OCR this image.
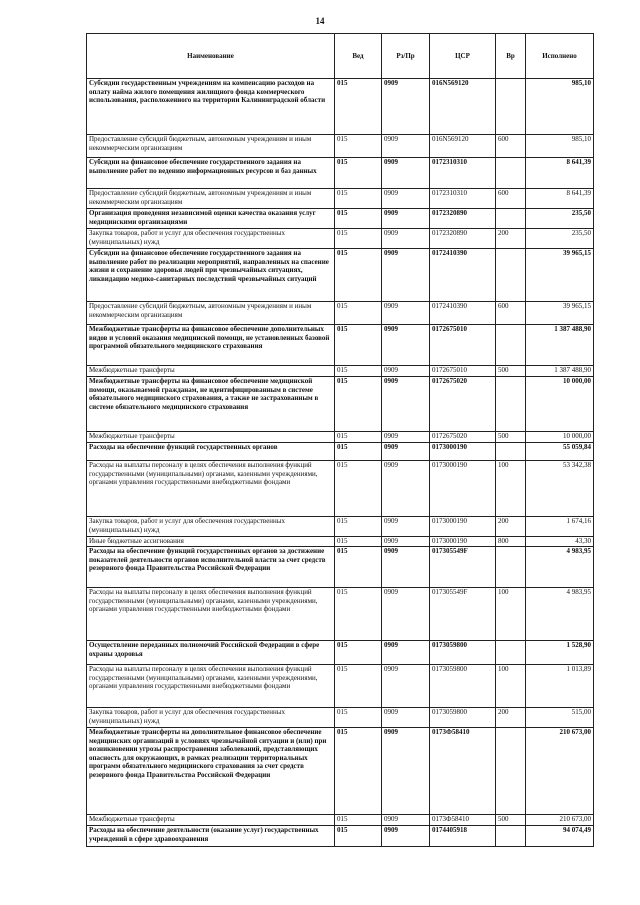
14
Наименование	Вед	Рз/Пр	ЦСР	Вр	Исполнено
Субсидии государственным учреждениям на компенсацию расходов на оплату найма жилого помещения жилищного фонда коммерческого использования, расположенного на территории Калининградской области	015	0909	016N569120		985,10
Предоставление субсидий бюджетным, автономным учреждениям и иным некоммерческим организациям	015	0909	016N569120	600	985,10
Субсидии на финансовое обеспечение государственного задания на выполнение работ по ведению информационных ресурсов и баз данных	015	0909	0172310310		8 641,39
Предоставление субсидий бюджетным, автономным учреждениям и иным некоммерческим организациям	015	0909	0172310310	600	8 641,39
Организация проведения независимой оценки качества оказания услуг медицинскими организациями	015	0909	0172320890		235,50
Закупка товаров, работ и услуг для обеспечения государственных (муниципальных) нужд	015	0909	0172320890	200	235,50
Субсидии на финансовое обеспечение государственного задания на выполнение работ по реализации мероприятий, направленных на спасение жизни и сохранение здоровья людей при чрезвычайных ситуациях, ликвидацию медико-санитарных последствий чрезвычайных ситуаций	015	0909	0172410390		39 965,15
Предоставление субсидий бюджетным, автономным учреждениям и иным некоммерческим организациям	015	0909	0172410390	600	39 965,15
Межбюджетные трансферты на финансовое обеспечение дополнительных видов и условий оказания медицинской помощи, не установленных базовой программой обязательного медицинского страхования	015	0909	0172675010		1 387 488,90
Межбюджетные трансферты	015	0909	0172675010	500	1 387 488,90
Межбюджетные трансферты на финансовое обеспечение медицинской помощи, оказываемой гражданам, не идентифицированным в системе обязательного медицинского страхования, а также не застрахованным в системе обязательного медицинского страхования	015	0909	0172675020		10 000,00
Межбюджетные трансферты	015	0909	0172675020	500	10 000,00
Расходы на обеспечение функций государственных органов	015	0909	0173000190		55 059,84
Расходы на выплаты персоналу в целях обеспечения выполнения функций государственными (муниципальными) органами, казенными учреждениями, органами управления государственными внебюджетными фондами	015	0909	0173000190	100	53 342,38
Закупка товаров, работ и услуг для обеспечения государственных (муниципальных) нужд	015	0909	0173000190	200	1 674,16
Иные бюджетные ассигнования	015	0909	0173000190	800	43,30
Расходы на обеспечение функций государственных органов за достижение показателей деятельности органов исполнительной власти за счет средств резервного фонда Правительства Российской Федерации	015	0909	017305549F		4 983,95
Расходы на выплаты персоналу в целях обеспечения выполнения функций государственными (муниципальными) органами, казенными учреждениями, органами управления государственными внебюджетными фондами	015	0909	017305549F	100	4 983,95
Осуществление переданных полномочий Российской Федерации в сфере охраны здоровья	015	0909	0173059800		1 528,90
Расходы на выплаты персоналу в целях обеспечения выполнения функций государственными (муниципальными) органами, казенными учреждениями, органами управления государственными внебюджетными фондами	015	0909	0173059800	100	1 013,89
Закупка товаров, работ и услуг для обеспечения государственных (муниципальных) нужд	015	0909	0173059800	200	515,00
Межбюджетные трансферты на дополнительное финансовое обеспечение медицинских организаций в условиях чрезвычайной ситуации и (или) при возникновении угрозы распространения заболеваний, представляющих опасность для окружающих, в рамках реализации территориальных программ обязательного медицинского страхования за счет средств резервного фонда Правительства Российской Федерации	015	0909	0173Ф58410		210 673,00
Межбюджетные трансферты	015	0909	0173Ф58410	500	210 673,00
Расходы на обеспечение деятельности (оказание услуг) государственных учреждений в сфере здравоохранения	015	0909	0174405918		94 074,49
